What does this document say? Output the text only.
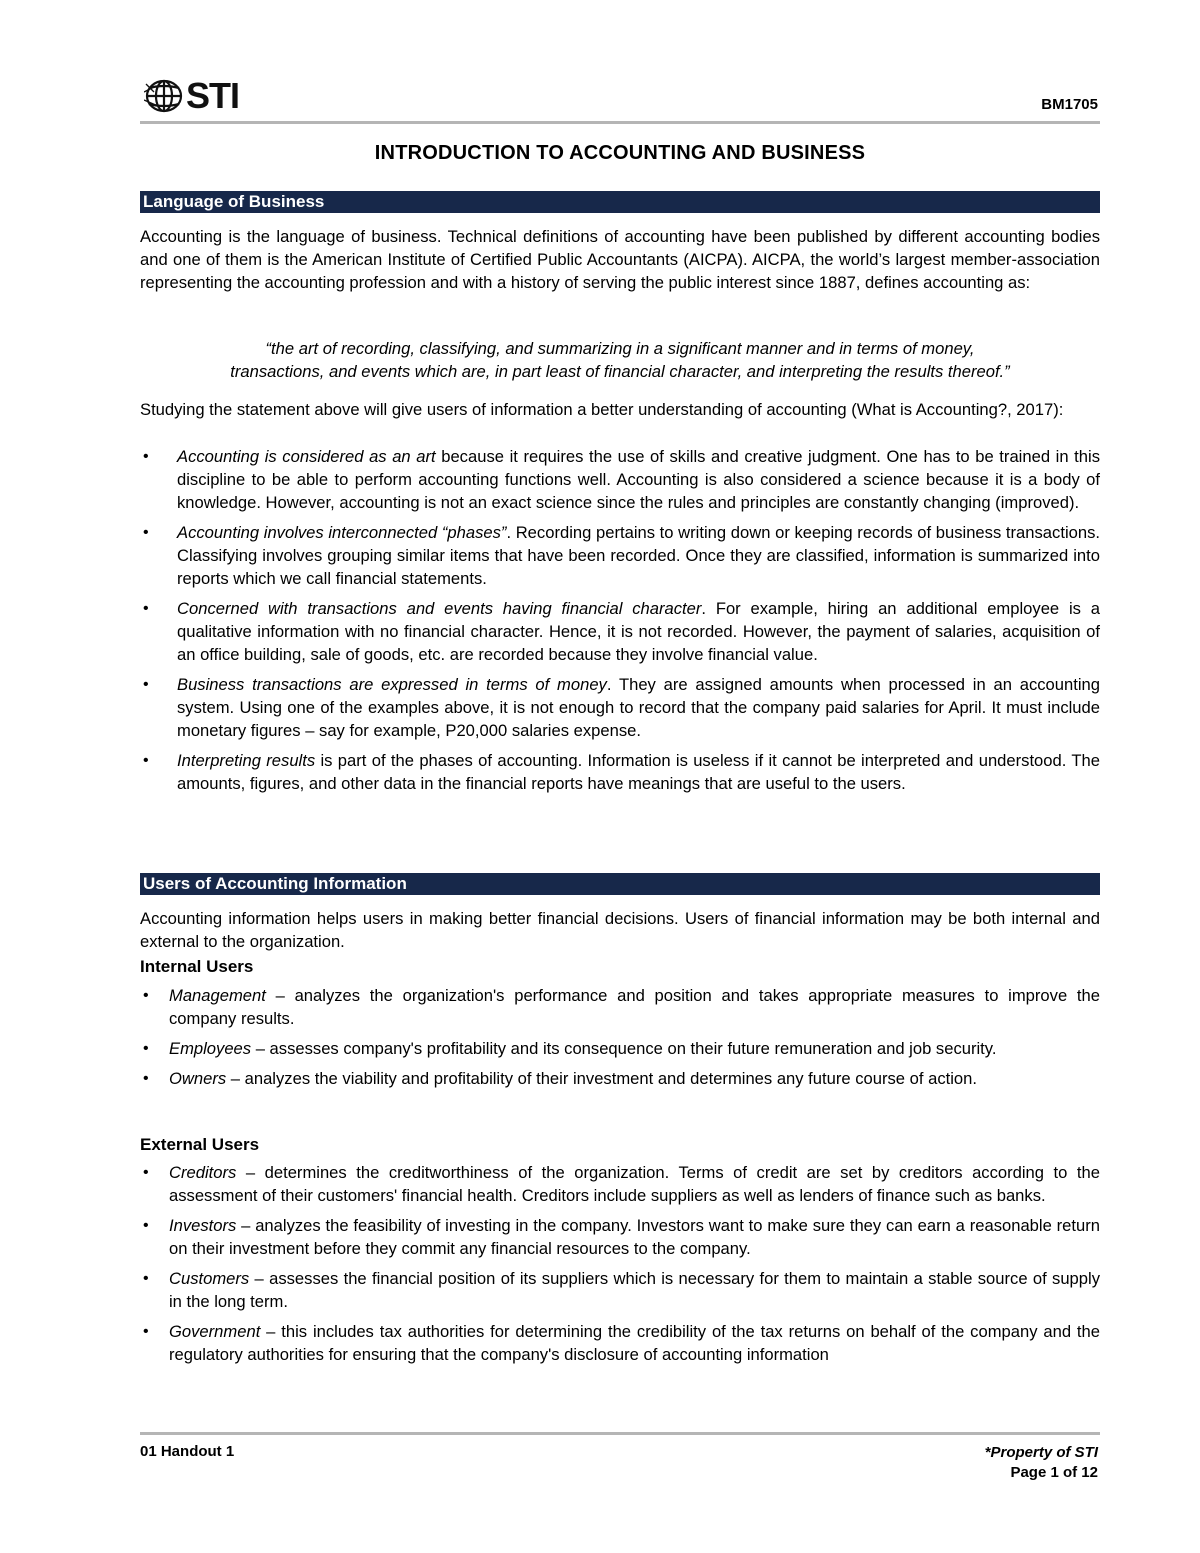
STI	BM1705
INTRODUCTION TO ACCOUNTING AND BUSINESS
Language of Business
Accounting is the language of business. Technical definitions of accounting have been published by different accounting bodies and one of them is the American Institute of Certified Public Accountants (AICPA). AICPA, the world’s largest member-association representing the accounting profession and with a history of serving the public interest since 1887, defines accounting as:
“the art of recording, classifying, and summarizing in a significant manner and in terms of money,
transactions, and events which are, in part least of financial character, and interpreting the results thereof.”
Studying the statement above will give users of information a better understanding of accounting (What is Accounting?, 2017):
• Accounting is considered as an art because it requires the use of skills and creative judgment. One has to be trained in this discipline to be able to perform accounting functions well. Accounting is also considered a science because it is a body of knowledge. However, accounting is not an exact science since the rules and principles are constantly changing (improved).
• Accounting involves interconnected “phases”. Recording pertains to writing down or keeping records of business transactions. Classifying involves grouping similar items that have been recorded. Once they are classified, information is summarized into reports which we call financial statements.
• Concerned with transactions and events having financial character. For example, hiring an additional employee is a qualitative information with no financial character. Hence, it is not recorded. However, the payment of salaries, acquisition of an office building, sale of goods, etc. are recorded because they involve financial value.
• Business transactions are expressed in terms of money. They are assigned amounts when processed in an accounting system. Using one of the examples above, it is not enough to record that the company paid salaries for April. It must include monetary figures – say for example, P20,000 salaries expense.
• Interpreting results is part of the phases of accounting. Information is useless if it cannot be interpreted and understood. The amounts, figures, and other data in the financial reports have meanings that are useful to the users.
Users of Accounting Information
Accounting information helps users in making better financial decisions. Users of financial information may be both internal and external to the organization.
Internal Users
• Management – analyzes the organization's performance and position and takes appropriate measures to improve the company results.
• Employees – assesses company's profitability and its consequence on their future remuneration and job security.
• Owners – analyzes the viability and profitability of their investment and determines any future course of action.
External Users
• Creditors – determines the creditworthiness of the organization. Terms of credit are set by creditors according to the assessment of their customers' financial health. Creditors include suppliers as well as lenders of finance such as banks.
• Investors – analyzes the feasibility of investing in the company. Investors want to make sure they can earn a reasonable return on their investment before they commit any financial resources to the company.
• Customers – assesses the financial position of its suppliers which is necessary for them to maintain a stable source of supply in the long term.
• Government – this includes tax authorities for determining the credibility of the tax returns on behalf of the company and the regulatory authorities for ensuring that the company's disclosure of accounting information
01 Handout 1	*Property of STI
Page 1 of 12
